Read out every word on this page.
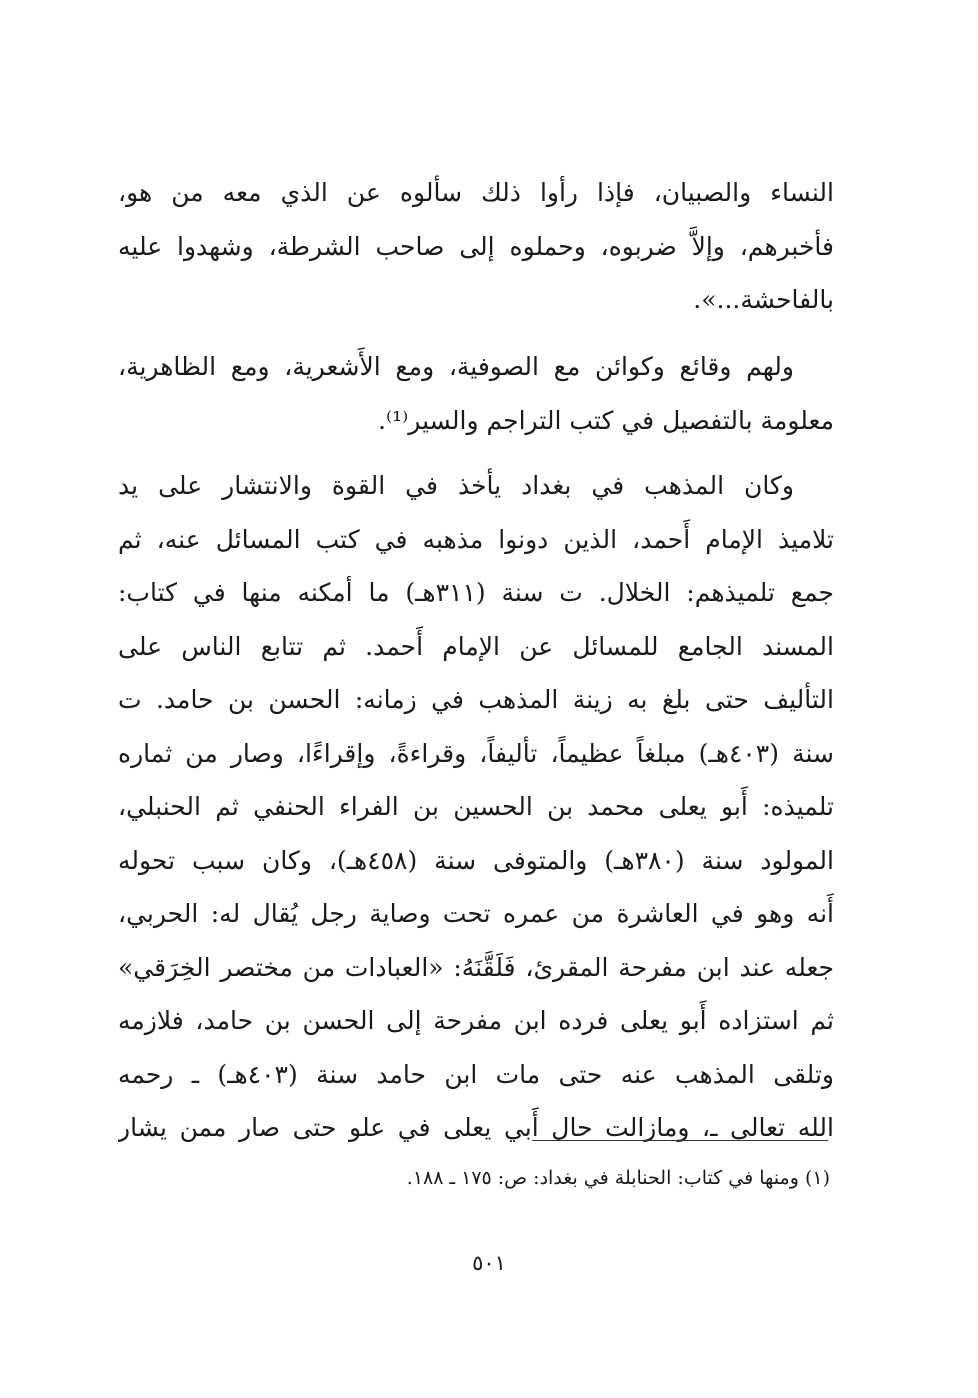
النساء والصبيان، فإذا رأوا ذلك سألوه عن الذي معه من هو،
فأخبرهم، وإلاَّ ضربوه، وحملوه إلى صاحب الشرطة، وشهدوا عليه
بالفاحشة...».
ولهم وقائع وكوائن مع الصوفية، ومع الأَشعرية، ومع الظاهرية،
معلومة بالتفصيل في كتب التراجم والسير⁽¹⁾.
وكان المذهب في بغداد يأخذ في القوة والانتشار على يد
تلاميذ الإمام أَحمد، الذين دونوا مذهبه في كتب المسائل عنه، ثم
جمع تلميذهم: الخلال. ت سنة (٣١١هـ) ما أمكنه منها في كتاب:
المسند الجامع للمسائل عن الإمام أَحمد. ثم تتابع الناس على
التأليف حتى بلغ به زينة المذهب في زمانه: الحسن بن حامد. ت
سنة (٤٠٣هـ) مبلغاً عظيماً، تأليفاً، وقراءةً، وإقراءًا، وصار من ثماره
تلميذه: أَبو يعلى محمد بن الحسين بن الفراء الحنفي ثم الحنبلي،
المولود سنة (٣٨٠هـ) والمتوفى سنة (٤٥٨هـ)، وكان سبب تحوله
أَنه وهو في العاشرة من عمره تحت وصاية رجل يُقال له: الحربي،
جعله عند ابن مفرحة المقرئ، فَلَقَّنَهُ: «العبادات من مختصر الخِرَقي»
ثم استزاده أَبو يعلى فرده ابن مفرحة إلى الحسن بن حامد، فلازمه
وتلقى المذهب عنه حتى مات ابن حامد سنة (٤٠٣هـ) ـ رحمه
الله تعالى ـ، ومازالت حال أَبي يعلى في علو حتى صار ممن يشار
(١) ومنها في كتاب: الحنابلة في بغداد: ص: ١٧٥ ـ ١٨٨.
٥٠١
